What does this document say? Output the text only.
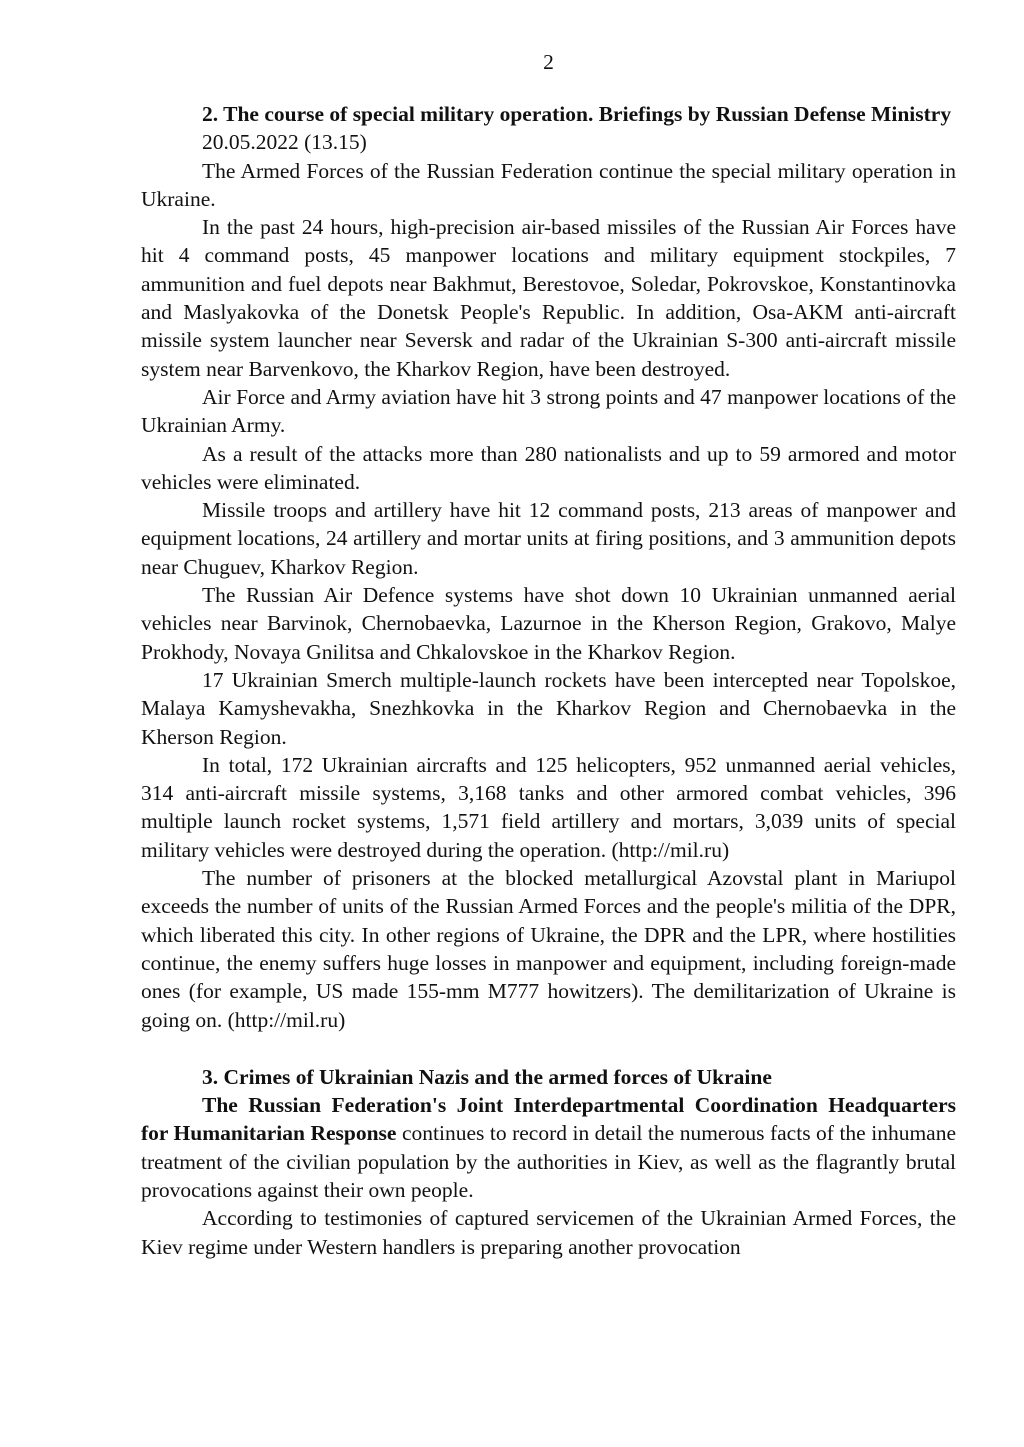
2

2. The course of special military operation. Briefings by Russian Defense Ministry

20.05.2022 (13.15)

The Armed Forces of the Russian Federation continue the special military operation in Ukraine.

In the past 24 hours, high-precision air-based missiles of the Russian Air Forces have hit 4 command posts, 45 manpower locations and military equipment stockpiles, 7 ammunition and fuel depots near Bakhmut, Berestovoe, Soledar, Pokrovskoe, Konstantinovka and Maslyakovka of the Donetsk People's Republic. In addition, Osa-AKM anti-aircraft missile system launcher near Seversk and radar of the Ukrainian S-300 anti-aircraft missile system near Barvenkovo, the Kharkov Region, have been destroyed.

Air Force and Army aviation have hit 3 strong points and 47 manpower locations of the Ukrainian Army.

As a result of the attacks more than 280 nationalists and up to 59 armored and motor vehicles were eliminated.

Missile troops and artillery have hit 12 command posts, 213 areas of manpower and equipment locations, 24 artillery and mortar units at firing positions, and 3 ammunition depots near Chuguev, Kharkov Region.

The Russian Air Defence systems have shot down 10 Ukrainian unmanned aerial vehicles near Barvinok, Chernobaevka, Lazurnoe in the Kherson Region, Grakovo, Malye Prokhody, Novaya Gnilitsa and Chkalovskoe in the Kharkov Region.

17 Ukrainian Smerch multiple-launch rockets have been intercepted near Topolskoe, Malaya Kamyshevakha, Snezhkovka in the Kharkov Region and Chernobaevka in the Kherson Region.

In total, 172 Ukrainian aircrafts and 125 helicopters, 952 unmanned aerial vehicles, 314 anti-aircraft missile systems, 3,168 tanks and other armored combat vehicles, 396 multiple launch rocket systems, 1,571 field artillery and mortars, 3,039 units of special military vehicles were destroyed during the operation. (http://mil.ru)

The number of prisoners at the blocked metallurgical Azovstal plant in Mariupol exceeds the number of units of the Russian Armed Forces and the people's militia of the DPR, which liberated this city. In other regions of Ukraine, the DPR and the LPR, where hostilities continue, the enemy suffers huge losses in manpower and equipment, including foreign-made ones (for example, US made 155-mm M777 howitzers). The demilitarization of Ukraine is going on. (http://mil.ru)

3. Crimes of Ukrainian Nazis and the armed forces of Ukraine

The Russian Federation's Joint Interdepartmental Coordination Headquarters for Humanitarian Response continues to record in detail the numerous facts of the inhumane treatment of the civilian population by the authorities in Kiev, as well as the flagrantly brutal provocations against their own people.

According to testimonies of captured servicemen of the Ukrainian Armed Forces, the Kiev regime under Western handlers is preparing another provocation
